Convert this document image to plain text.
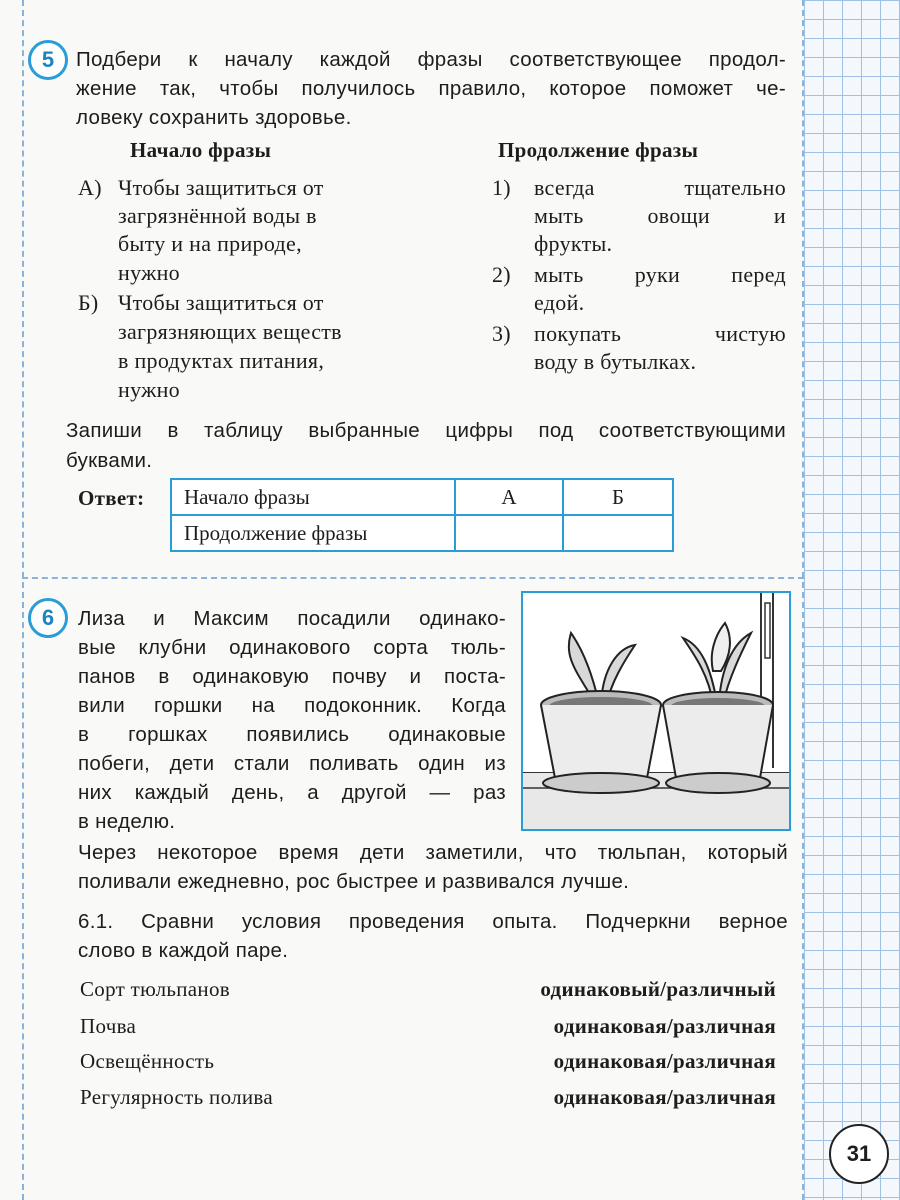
5	Подбери к началу каждой фразы соответствующее продол-
жение так, чтобы получилось правило, которое поможет че-
ловеку сохранить здоровье.
Начало фразы	Продолжение фразы
А) Чтобы защититься от
загрязнённой воды в
быту и на природе,
нужно
Б) Чтобы защититься от
загрязняющих веществ
в продуктах питания,
нужно
1) всегда тщательно
мыть овощи и
фрукты.
2) мыть руки перед
едой.
3) покупать чистую
воду в бутылках.
Запиши в таблицу выбранные цифры под соответствующими
буквами.
Ответ: Начало фразы	А	Б
Продолжение фразы		
6	Лиза и Максим посадили одинако-
вые клубни одинакового сорта тюль-
панов в одинаковую почву и поста-
вили горшки на подоконник. Когда
в горшках появились одинаковые
побеги, дети стали поливать один из
них каждый день, а другой — раз
в неделю.
Через некоторое время дети заметили, что тюльпан, который
поливали ежедневно, рос быстрее и развивался лучше.
6.1. Сравни условия проведения опыта. Подчеркни верное
слово в каждой паре.
Сорт тюльпанов	одинаковый/различный
Почва	одинаковая/различная
Освещённость	одинаковая/различная
Регулярность полива	одинаковая/различная
31
